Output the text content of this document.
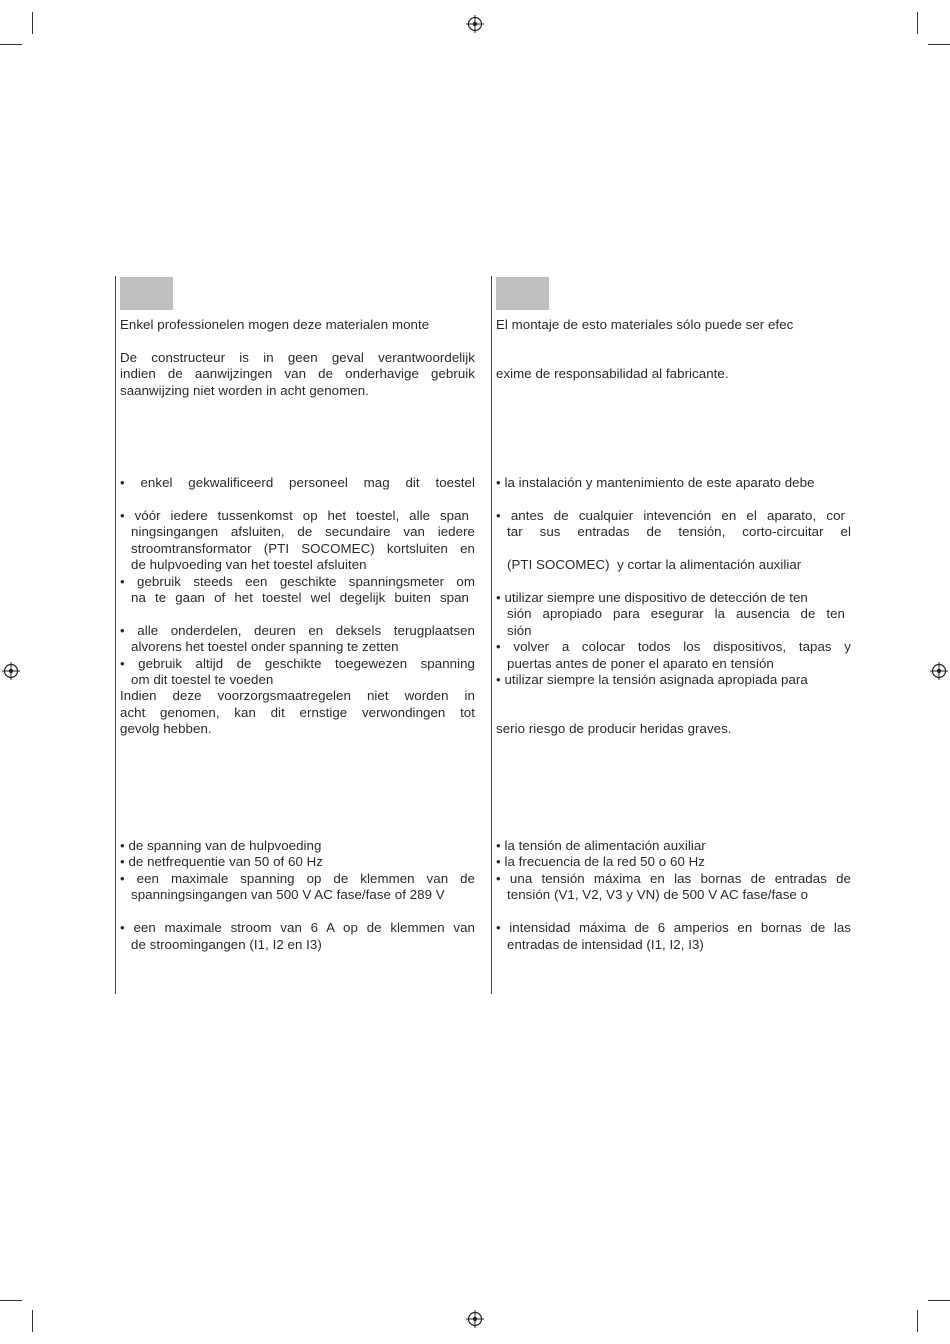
Enkel professionelen mogen deze materialen monte
De constructeur is in geen geval verantwoordelijk
indien de aanwijzingen van de onderhavige gebruik
saanwijzing niet worden in acht genomen.
• enkel gekwalificeerd personeel mag dit toestel
• vóór iedere tussenkomst op het toestel, alle span
ningsingangen afsluiten, de secundaire van iedere
stroomtransformator (PTI SOCOMEC) kortsluiten en
de hulpvoeding van het toestel afsluiten
• gebruik steeds een geschikte spanningsmeter om
na te gaan of het toestel wel degelijk buiten span
• alle onderdelen, deuren en deksels terugplaatsen
alvorens het toestel onder spanning te zetten
• gebruik altijd de geschikte toegewezen spanning
om dit toestel te voeden
Indien deze voorzorgsmaatregelen niet worden in
acht genomen, kan dit ernstige verwondingen tot
gevolg hebben.
• de spanning van de hulpvoeding
• de netfrequentie van 50 of 60 Hz
• een maximale spanning op de klemmen van de
spanningsingangen van 500 V AC fase/fase of 289 V
• een maximale stroom van 6 A op de klemmen van
de stroomingangen (I1, I2 en I3)
El montaje de esto materiales sólo puede ser efec
exime de responsabilidad al fabricante.
• la instalación y mantenimiento de este aparato debe
• antes de cualquier intevención en el aparato, cor
tar sus entradas de tensión, corto-circuitar el
(PTI SOCOMEC)  y cortar la alimentación auxiliar
• utilizar siempre une dispositivo de detección de ten
sión apropiado para esegurar la ausencia de ten
sión
• volver a colocar todos los dispositivos, tapas y
puertas antes de poner el aparato en tensión
• utilizar siempre la tensión asignada apropiada para
serio riesgo de producir heridas graves.
• la tensión de alimentación auxiliar
• la frecuencia de la red 50 o 60 Hz
• una tensión máxima en las bornas de entradas de
tensión (V1, V2, V3 y VN) de 500 V AC fase/fase o
• intensidad máxima de 6 amperios en bornas de las
entradas de intensidad (I1, I2, I3)
